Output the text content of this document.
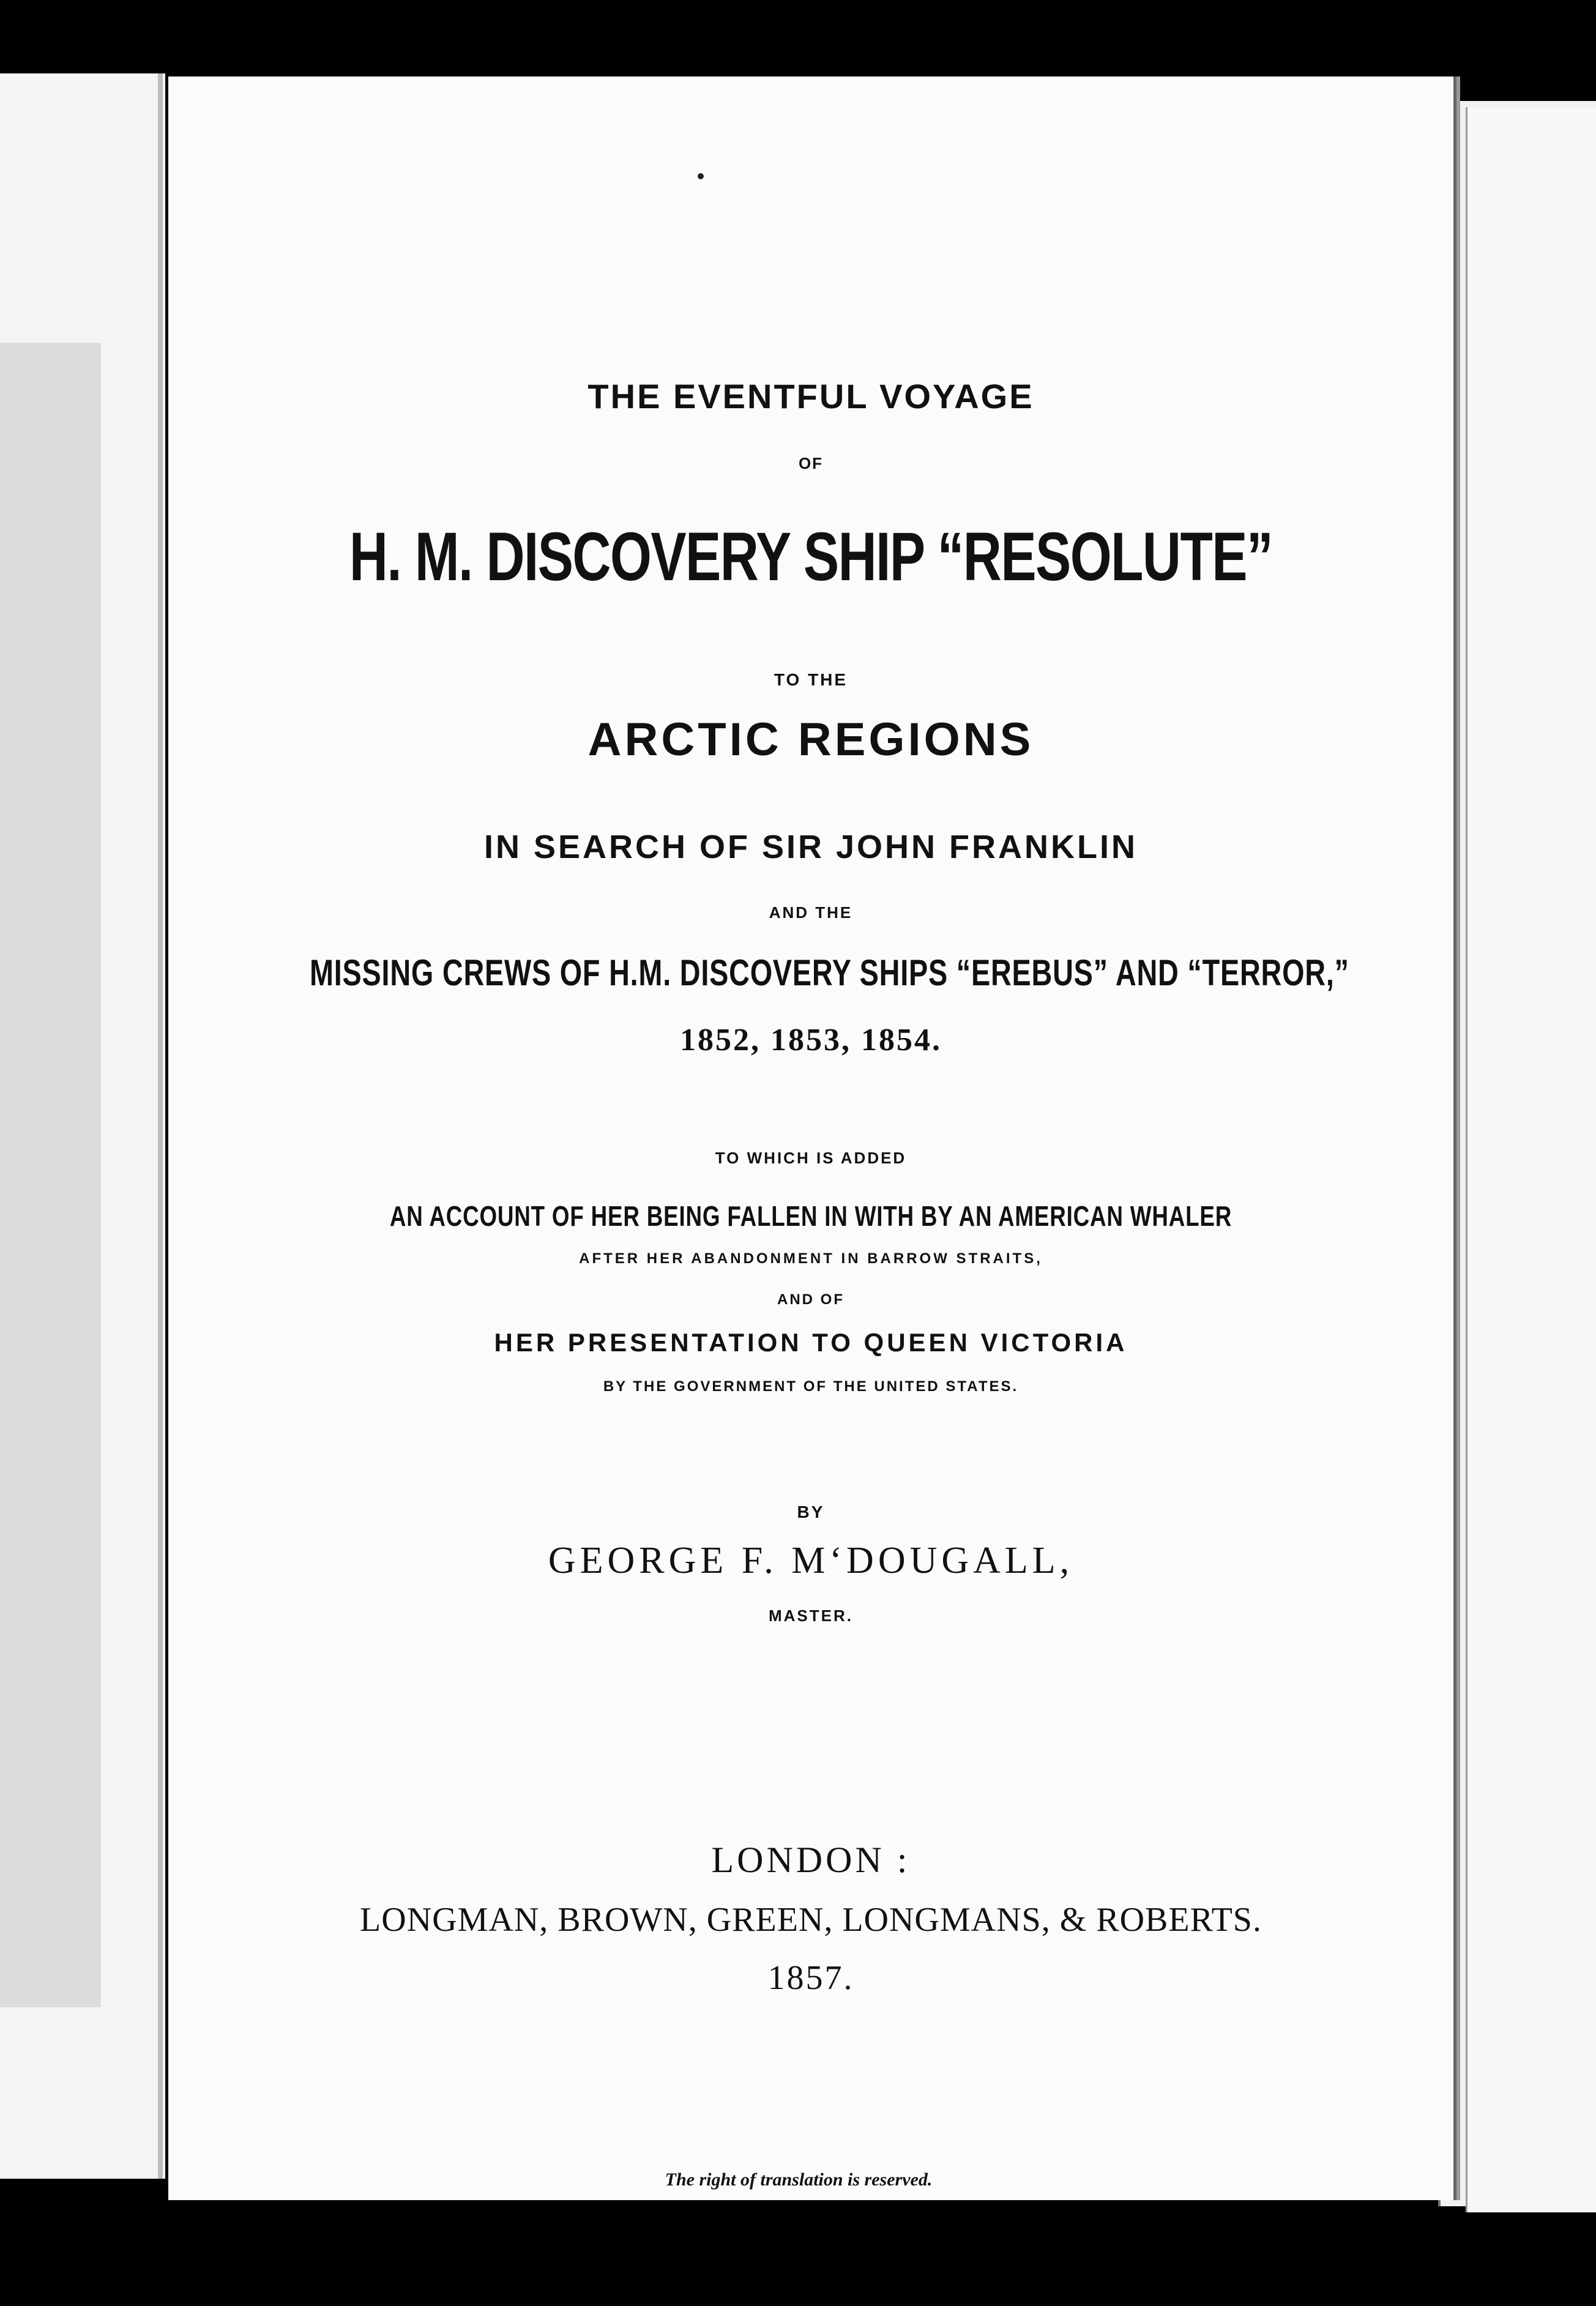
THE EVENTFUL VOYAGE

OF

H. M. DISCOVERY SHIP “RESOLUTE”

TO THE

ARCTIC REGIONS

IN SEARCH OF SIR JOHN FRANKLIN

AND THE

MISSING CREWS OF H.M. DISCOVERY SHIPS “EREBUS” AND “TERROR,”

1852, 1853, 1854.

TO WHICH IS ADDED

AN ACCOUNT OF HER BEING FALLEN IN WITH BY AN AMERICAN WHALER

AFTER HER ABANDONMENT IN BARROW STRAITS,

AND OF

HER PRESENTATION TO QUEEN VICTORIA

BY THE GOVERNMENT OF THE UNITED STATES.

BY

GEORGE F. M‘DOUGALL,

MASTER.

LONDON :

LONGMAN, BROWN, GREEN, LONGMANS, & ROBERTS.

1857.

The right of translation is reserved.
